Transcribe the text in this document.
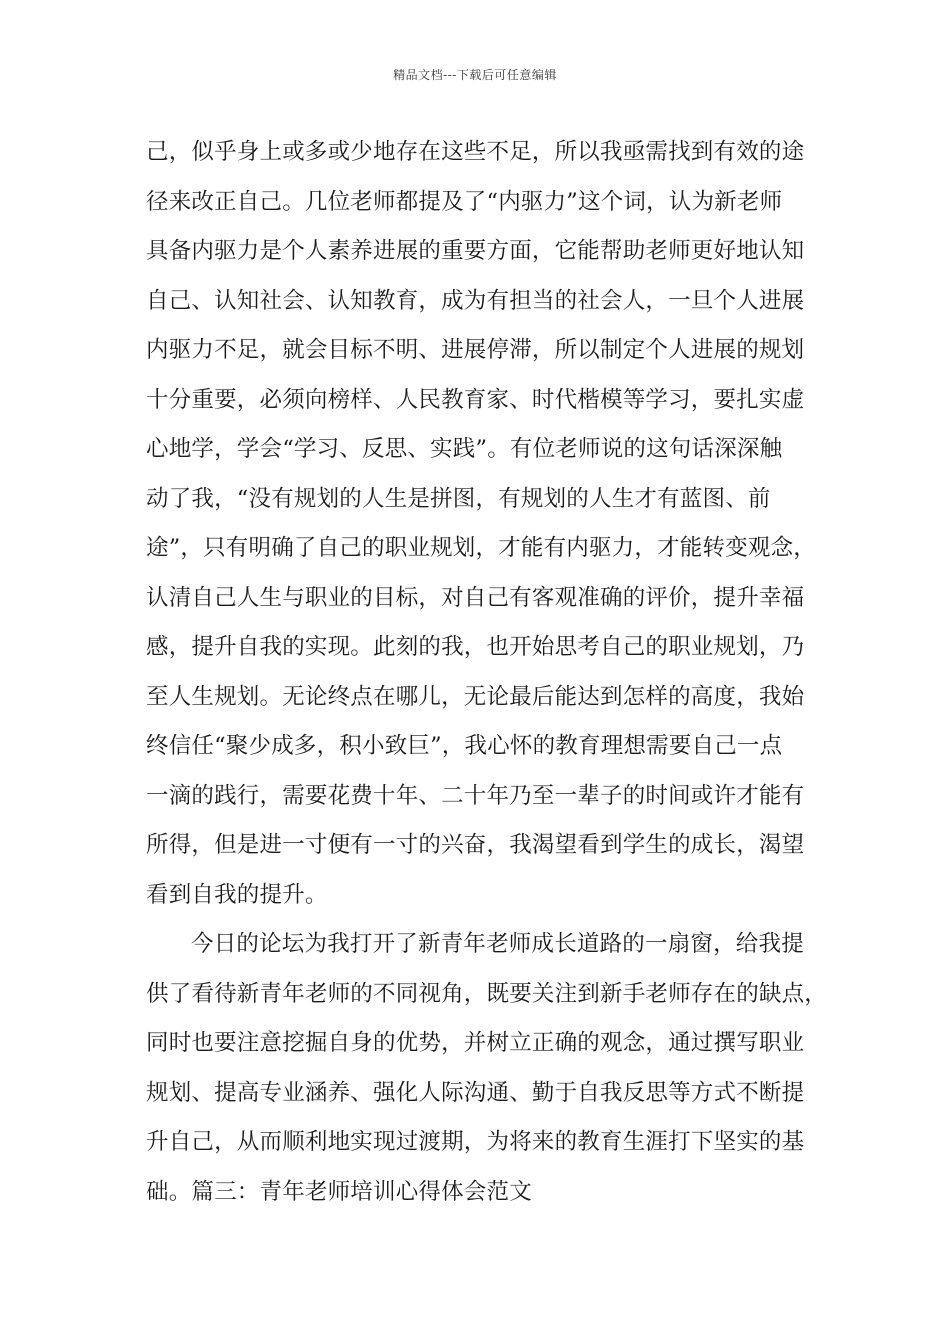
精品文档---下载后可任意编辑
己，似乎身上或多或少地存在这些不足，所以我亟需找到有效的途
径来改正自己。几位老师都提及了“内驱力”这个词，认为新老师
具备内驱力是个人素养进展的重要方面，它能帮助老师更好地认知
自己、认知社会、认知教育，成为有担当的社会人，一旦个人进展
内驱力不足，就会目标不明、进展停滞，所以制定个人进展的规划
十分重要，必须向榜样、人民教育家、时代楷模等学习，要扎实虚
心地学，学会“学习、反思、实践”。有位老师说的这句话深深触
动了我，“没有规划的人生是拼图，有规划的人生才有蓝图、前
途”，只有明确了自己的职业规划，才能有内驱力，才能转变观念，
认清自己人生与职业的目标，对自己有客观准确的评价，提升幸福
感，提升自我的实现。此刻的我，也开始思考自己的职业规划，乃
至人生规划。无论终点在哪儿，无论最后能达到怎样的高度，我始
终信任“聚少成多，积小致巨”，我心怀的教育理想需要自己一点
一滴的践行，需要花费十年、二十年乃至一辈子的时间或许才能有
所得，但是进一寸便有一寸的兴奋，我渴望看到学生的成长，渴望
看到自我的提升。
今日的论坛为我打开了新青年老师成长道路的一扇窗，给我提
供了看待新青年老师的不同视角，既要关注到新手老师存在的缺点，
同时也要注意挖掘自身的优势，并树立正确的观念，通过撰写职业
规划、提高专业涵养、强化人际沟通、勤于自我反思等方式不断提
升自己，从而顺利地实现过渡期，为将来的教育生涯打下坚实的基
础。篇三：青年老师培训心得体会范文
